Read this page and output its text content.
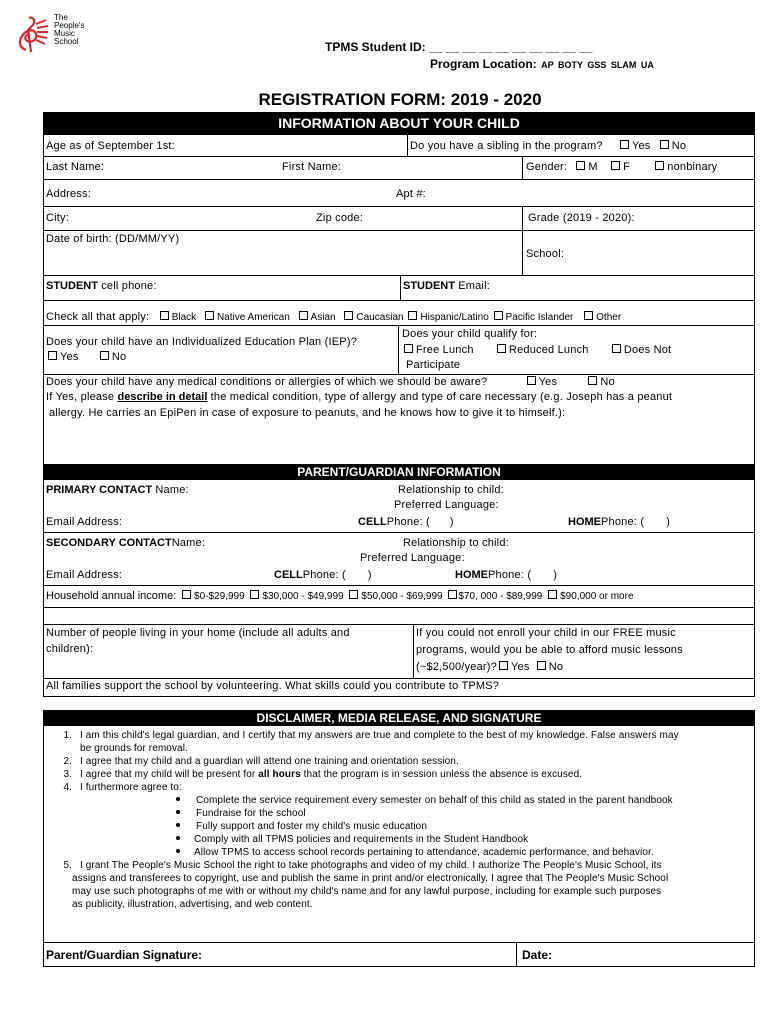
The
People's
Music
School	TPMS Student ID: __ __ __ __ __ __ __ __ __ __
Program Location: AP BOTY GSS SLAM UA
REGISTRATION FORM: 2019 - 2020
INFORMATION ABOUT YOUR CHILD
Age as of September 1st:	Do you have a sibling in the program?	Yes No
Last Name:	First Name:	Gender: M F	nonbinary
Address:	Apt #:
City:	Zip code:	Grade (2019 - 2020):
Date of birth: (DD/MM/YY)
School:
STUDENT cell phone:	STUDENT Email:
Check all that apply: Black Native American Asian Caucasian Hispanic/Latino Pacific Islander Other
Does your child have an Individualized Education Plan (IEP)?
Yes	No
Does your child qualify for:
Free Lunch	Reduced Lunch	Does Not
Participate
Does your child have any medical conditions or allergies of which we should be aware?	Yes	No
If Yes, please describe in detail the medical condition, type of allergy and type of care necessary (e.g. Joseph has a peanut
allergy. He carries an EpiPen in case of exposure to peanuts, and he knows how to give it to himself.):
PARENT/GUARDIAN INFORMATION
PRIMARY CONTACT Name:	Relationship to child:
Preferred Language:
Email Address:	CELLPhone: ( )	HOMEPhone: ( )
SECONDARY CONTACTName:	Relationship to child:
Preferred Language:
Email Address:	CELLPhone: ( )	HOMEPhone: ( )
Household annual income: $0-$29,999 $30,000 - $49,999 $50,000 - $69,999 $70, 000 - $89,999 $90,000 or more
Number of people living in your home (include all adults and
children):
If you could not enroll your child in our FREE music
programs, would you be able to afford music lessons
(~$2,500/year)? Yes No
All families support the school by volunteering. What skills could you contribute to TPMS?
DISCLAIMER, MEDIA RELEASE, AND SIGNATURE
1. I am this child's legal guardian, and I certify that my answers are true and complete to the best of my knowledge. False answers may
be grounds for removal.
2. I agree that my child and a guardian will attend one training and orientation session.
3. I agree that my child will be present for all hours that the program is in session unless the absence is excused.
4. I furthermore agree to:
Complete the service requirement every semester on behalf of this child as stated in the parent handbook
Fundraise for the school
Fully support and foster my child's music education
Comply with all TPMS policies and requirements in the Student Handbook
Allow TPMS to access school records pertaining to attendance, academic performance, and behavior.
5. I grant The People's Music School the right to take photographs and video of my child. I authorize The People's Music School, its
assigns and transferees to copyright, use and publish the same in print and/or electronically. I agree that The People's Music School
may use such photographs of me with or without my child's name and for any lawful purpose, including for example such purposes
as publicity, illustration, advertising, and web content.
Parent/Guardian Signature:	Date:
